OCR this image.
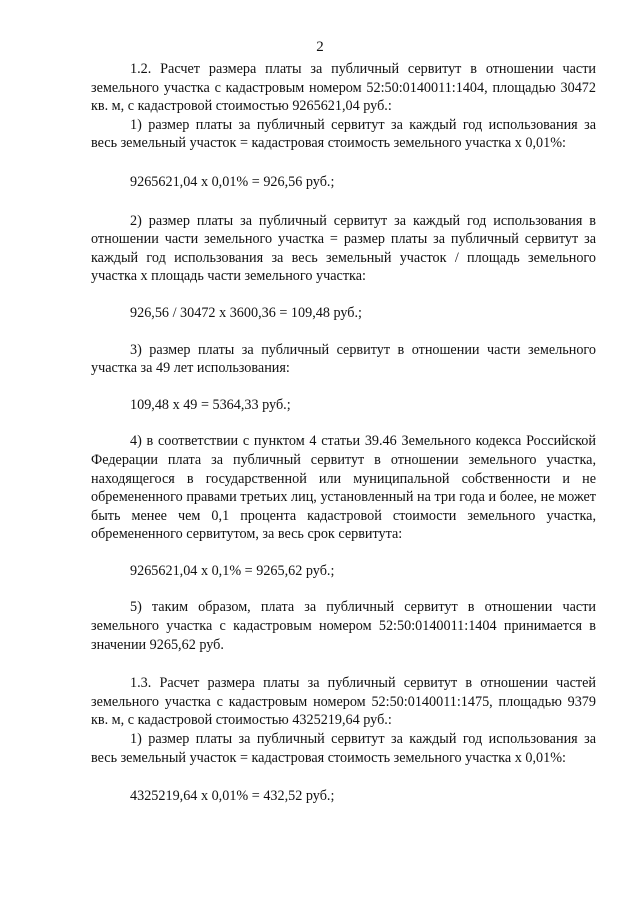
2

1.2. Расчет размера платы за публичный сервитут в отношении части земельного участка с кадастровым номером 52:50:0140011:1404, площадью 30472 кв. м, с кадастровой стоимостью 9265621,04 руб.:

1) размер платы за публичный сервитут за каждый год использования за весь земельный участок = кадастровая стоимость земельного участка x 0,01%:

9265621,04 x 0,01% = 926,56 руб.;

2) размер платы за публичный сервитут за каждый год использования в отношении части земельного участка = размер платы за публичный сервитут за каждый год использования за весь земельный участок / площадь земельного участка x площадь части земельного участка:

926,56 / 30472 x 3600,36 = 109,48 руб.;

3) размер платы за публичный сервитут в отношении части земельного участка за 49 лет использования:

109,48 x 49 = 5364,33 руб.;

4) в соответствии с пунктом 4 статьи 39.46 Земельного кодекса Российской Федерации плата за публичный сервитут в отношении земельного участка, находящегося в государственной или муниципальной собственности и не обремененного правами третьих лиц, установленный на три года и более, не может быть менее чем 0,1 процента кадастровой стоимости земельного участка, обремененного сервитутом, за весь срок сервитута:

9265621,04 x 0,1% = 9265,62 руб.;

5) таким образом, плата за публичный сервитут в отношении части земельного участка с кадастровым номером 52:50:0140011:1404 принимается в значении 9265,62 руб.

1.3. Расчет размера платы за публичный сервитут в отношении частей земельного участка с кадастровым номером 52:50:0140011:1475, площадью 9379 кв. м, с кадастровой стоимостью 4325219,64 руб.:

1) размер платы за публичный сервитут за каждый год использования за весь земельный участок = кадастровая стоимость земельного участка x 0,01%:

4325219,64 x 0,01% = 432,52 руб.;
